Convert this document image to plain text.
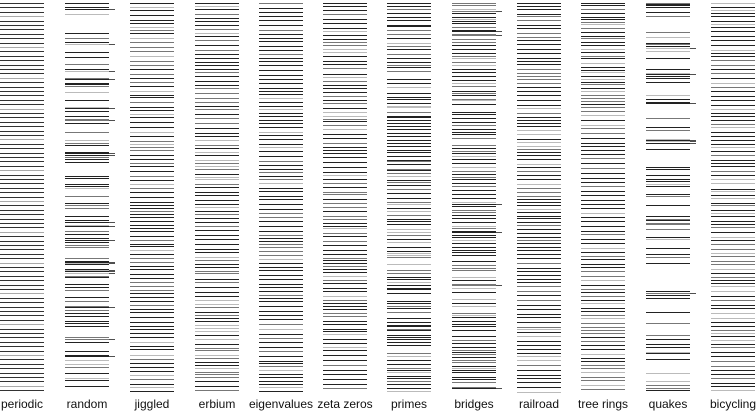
periodic random jiggled erbium eigenvalues zeta zeros primes bridges railroad tree rings quakes bicycling
